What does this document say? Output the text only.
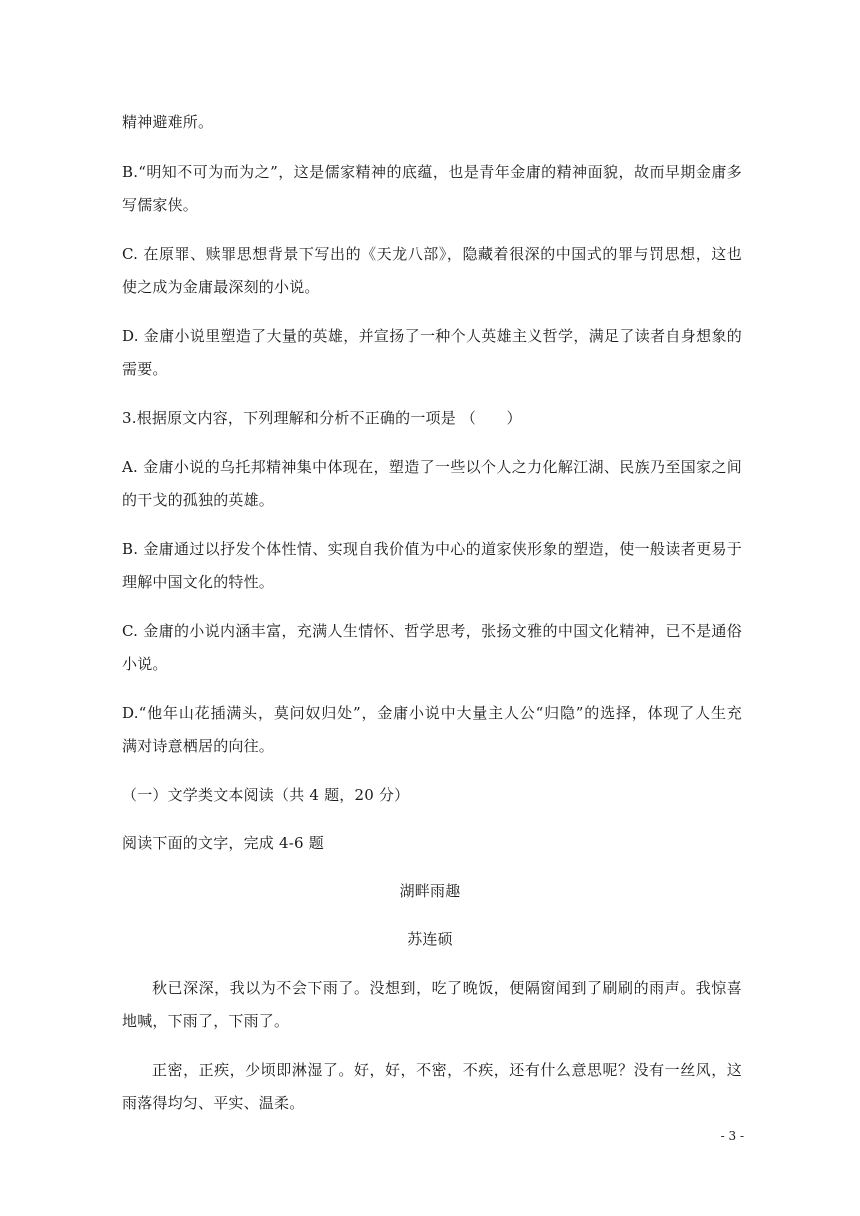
精神避难所。
B.“明知不可为而为之”，这是儒家精神的底蕴，也是青年金庸的精神面貌，故而早期金庸多
写儒家侠。
C. 在原罪、赎罪思想背景下写出的《天龙八部》，隐藏着很深的中国式的罪与罚思想，这也
使之成为金庸最深刻的小说。
D. 金庸小说里塑造了大量的英雄，并宣扬了一种个人英雄主义哲学，满足了读者自身想象的
需要。
3.根据原文内容，下列理解和分析不正确的一项是 （　　）
A. 金庸小说的乌托邦精神集中体现在，塑造了一些以个人之力化解江湖、民族乃至国家之间
的干戈的孤独的英雄。
B. 金庸通过以抒发个体性情、实现自我价值为中心的道家侠形象的塑造，使一般读者更易于
理解中国文化的特性。
C. 金庸的小说内涵丰富，充满人生情怀、哲学思考，张扬文雅的中国文化精神，已不是通俗
小说。
D.“他年山花插满头，莫问奴归处”，金庸小说中大量主人公“归隐”的选择，体现了人生充
满对诗意栖居的向往。
（一）文学类文本阅读（共 4 题，20 分）
阅读下面的文字，完成 4-6 题
湖畔雨趣
苏连硕
秋已深深，我以为不会下雨了。没想到，吃了晚饭，便隔窗闻到了刷刷的雨声。我惊喜
地喊，下雨了，下雨了。
正密，正疾，少顷即淋湿了。好，好，不密，不疾，还有什么意思呢？没有一丝风，这
雨落得均匀、平实、温柔。
- 3 -
